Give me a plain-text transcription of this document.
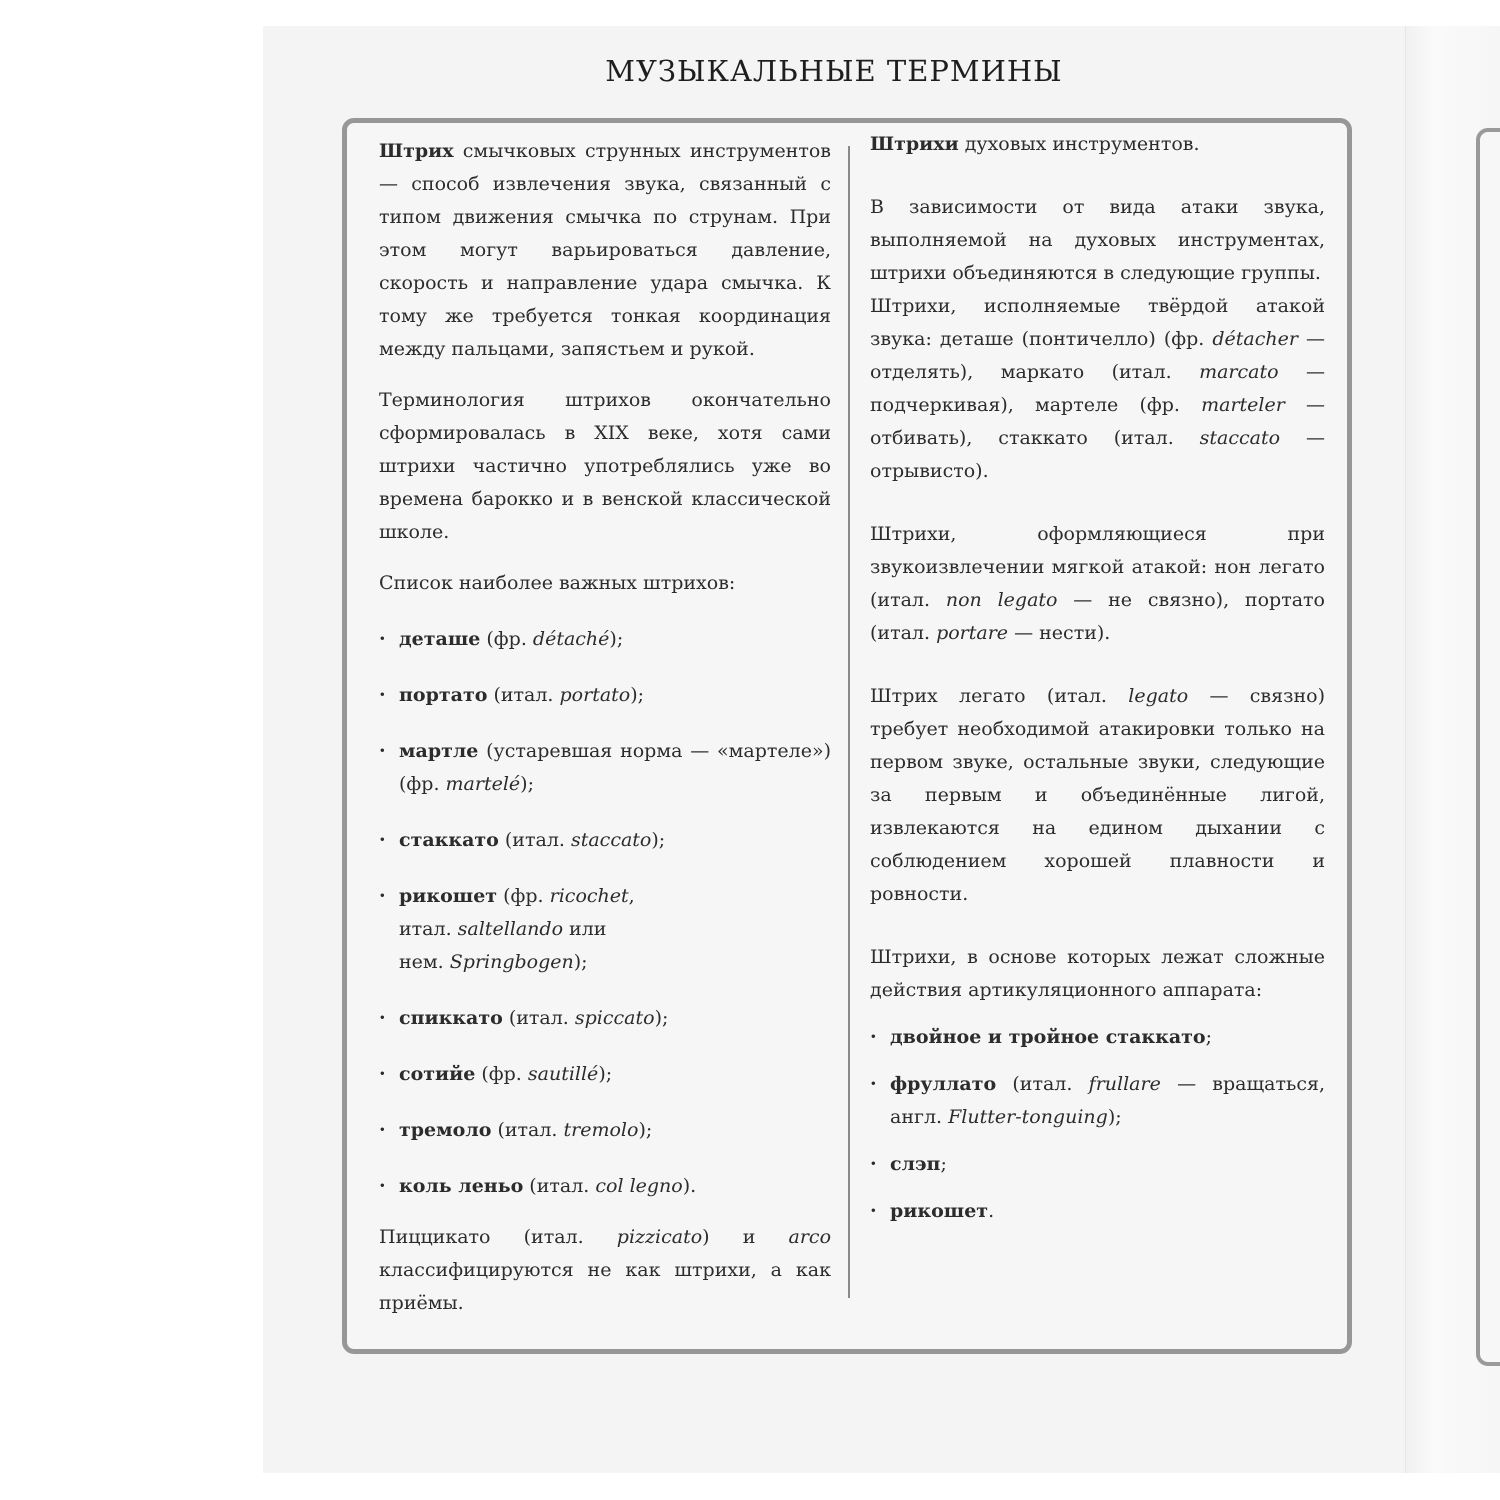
МУЗЫКАЛЬНЫЕ ТЕРМИНЫ

Штрих смычковых струнных инструментов — способ извлечения звука, связанный с типом движения смычка по струнам. При этом могут варьироваться давление, скорость и направление удара смычка. К тому же требуется тонкая координация между пальцами, запястьем и рукой.

Терминология штрихов окончательно сформировалась в XIX веке, хотя сами штрихи частично употреблялись уже во времена барокко и в венской классической школе.

Список наиболее важных штрихов:

· деташе (фр. détaché);
· портато (итал. portato);
· мартле (устаревшая норма — «мартеле») (фр. martelé);
· стаккато (итал. staccato);
· рикошет (фр. ricochet,
итал. saltellando или
нем. Springbogen);
· спиккато (итал. spiccato);
· сотийе (фр. sautillé);
· тремоло (итал. tremolo);
· коль леньо (итал. col legno).

Пиццикато (итал. pizzicato) и arco классифицируются не как штрихи, а как приёмы.

Штрихи духовых инструментов.

В зависимости от вида атаки звука, выполняемой на духовых инструментах, штрихи объединяются в следующие группы.

Штрихи, исполняемые твёрдой атакой звука: деташе (понтичелло) (фр. détacher — отделять), маркато (итал. marcato — подчеркивая), мартеле (фр. marteler — отбивать), стаккато (итал. staccato — отрывисто).

Штрихи, оформляющиеся при звукоизвлечении мягкой атакой: нон легато (итал. non legato — не связно), портато (итал. portare — нести).

Штрих легато (итал. legato — связно) требует необходимой атакировки только на первом звуке, остальные звуки, следующие за первым и объединённые лигой, извлекаются на едином дыхании с соблюдением хорошей плавности и ровности.

Штрихи, в основе которых лежат сложные действия артикуляционного аппарата:

· двойное и тройное стаккато;
· фруллато (итал. frullare — вращаться, англ. Flutter-tonguing);
· слэп;
· рикошет.
